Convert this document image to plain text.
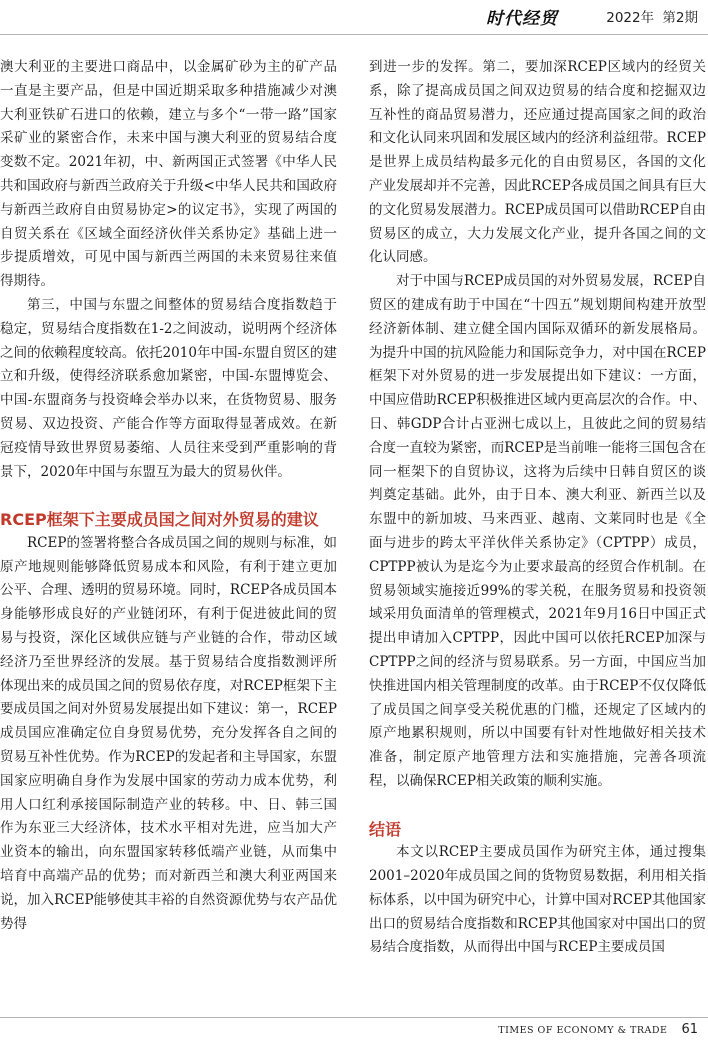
时代经贸	2022年 第2期

澳大利亚的主要进口商品中，以金属矿砂为主的矿产品一直是主要产品，但是中国近期采取多种措施减少对澳大利亚铁矿石进口的依赖，建立与多个“一带一路”国家采矿业的紧密合作，未来中国与澳大利亚的贸易结合度变数不定。2021年初，中、新两国正式签署《中华人民共和国政府与新西兰政府关于升级<中华人民共和国政府与新西兰政府自由贸易协定>的议定书》，实现了两国的自贸关系在《区域全面经济伙伴关系协定》基础上进一步提质增效，可见中国与新西兰两国的未来贸易往来值得期待。

第三，中国与东盟之间整体的贸易结合度指数趋于稳定，贸易结合度指数在1-2之间波动，说明两个经济体之间的依赖程度较高。依托2010年中国-东盟自贸区的建立和升级，使得经济联系愈加紧密，中国-东盟博览会、中国-东盟商务与投资峰会举办以来，在货物贸易、服务贸易、双边投资、产能合作等方面取得显著成效。在新冠疫情导致世界贸易萎缩、人员往来受到严重影响的背景下，2020年中国与东盟互为最大的贸易伙伴。

RCEP框架下主要成员国之间对外贸易的建议

RCEP的签署将整合各成员国之间的规则与标准，如原产地规则能够降低贸易成本和风险，有利于建立更加公平、合理、透明的贸易环境。同时，RCEP各成员国本身能够形成良好的产业链闭环，有利于促进彼此间的贸易与投资，深化区域供应链与产业链的合作，带动区域经济乃至世界经济的发展。基于贸易结合度指数测评所体现出来的成员国之间的贸易依存度，对RCEP框架下主要成员国之间对外贸易发展提出如下建议：第一，RCEP成员国应准确定位自身贸易优势，充分发挥各自之间的贸易互补性优势。作为RCEP的发起者和主导国家，东盟国家应明确自身作为发展中国家的劳动力成本优势，利用人口红利承接国际制造产业的转移。中、日、韩三国作为东亚三大经济体，技术水平相对先进，应当加大产业资本的输出，向东盟国家转移低端产业链，从而集中培育中高端产品的优势；而对新西兰和澳大利亚两国来说，加入RCEP能够使其丰裕的自然资源优势与农产品优势得

到进一步的发挥。第二，要加深RCEP区域内的经贸关系，除了提高成员国之间双边贸易的结合度和挖掘双边互补性的商品贸易潜力，还应通过提高国家之间的政治和文化认同来巩固和发展区域内的经济利益纽带。RCEP是世界上成员结构最多元化的自由贸易区，各国的文化产业发展却并不完善，因此RCEP各成员国之间具有巨大的文化贸易发展潜力。RCEP成员国可以借助RCEP自由贸易区的成立，大力发展文化产业，提升各国之间的文化认同感。

对于中国与RCEP成员国的对外贸易发展，RCEP自贸区的建成有助于中国在“十四五”规划期间构建开放型经济新体制、建立健全国内国际双循环的新发展格局。为提升中国的抗风险能力和国际竞争力，对中国在RCEP框架下对外贸易的进一步发展提出如下建议：一方面，中国应借助RCEP积极推进区域内更高层次的合作。中、日、韩GDP合计占亚洲七成以上，且彼此之间的贸易结合度一直较为紧密，而RCEP是当前唯一能将三国包含在同一框架下的自贸协议，这将为后续中日韩自贸区的谈判奠定基础。此外，由于日本、澳大利亚、新西兰以及东盟中的新加坡、马来西亚、越南、文莱同时也是《全面与进步的跨太平洋伙伴关系协定》（CPTPP）成员，CPTPP被认为是迄今为止要求最高的经贸合作机制。在贸易领域实施接近99%的零关税，在服务贸易和投资领域采用负面清单的管理模式，2021年9月16日中国正式提出申请加入CPTPP，因此中国可以依托RCEP加深与CPTPP之间的经济与贸易联系。另一方面，中国应当加快推进国内相关管理制度的改革。由于RCEP不仅仅降低了成员国之间享受关税优惠的门槛，还规定了区域内的原产地累积规则，所以中国要有针对性地做好相关技术准备，制定原产地管理方法和实施措施，完善各项流程，以确保RCEP相关政策的顺利实施。

结语

本文以RCEP主要成员国作为研究主体，通过搜集2001–2020年成员国之间的货物贸易数据，利用相关指标体系，以中国为研究中心，计算中国对RCEP其他国家出口的贸易结合度指数和RCEP其他国家对中国出口的贸易结合度指数，从而得出中国与RCEP主要成员国

TIMES OF ECONOMY & TRADE 61
